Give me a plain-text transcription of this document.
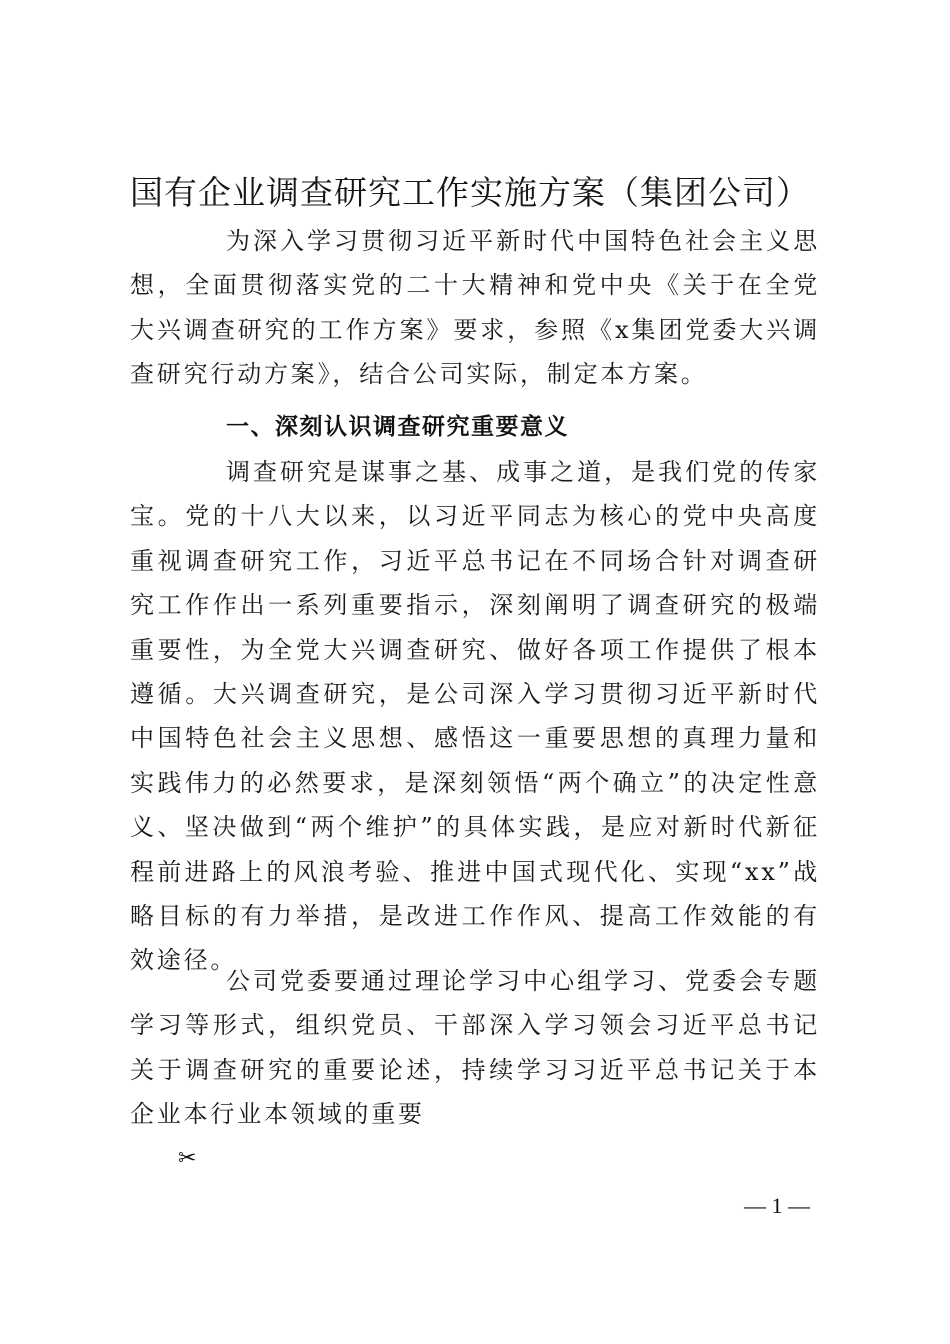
国有企业调查研究工作实施方案（集团公司）

为深入学习贯彻习近平新时代中国特色社会主义思想，全面贯彻落实党的二十大精神和党中央《关于在全党大兴调查研究的工作方案》要求，参照《x集团党委大兴调查研究行动方案》，结合公司实际，制定本方案。

一、深刻认识调查研究重要意义

调查研究是谋事之基、成事之道，是我们党的传家宝。党的十八大以来，以习近平同志为核心的党中央高度重视调查研究工作，习近平总书记在不同场合针对调查研究工作作出一系列重要指示，深刻阐明了调查研究的极端重要性，为全党大兴调查研究、做好各项工作提供了根本遵循。大兴调查研究，是公司深入学习贯彻习近平新时代中国特色社会主义思想、感悟这一重要思想的真理力量和实践伟力的必然要求，是深刻领悟“两个确立”的决定性意义、坚决做到“两个维护”的具体实践，是应对新时代新征程前进路上的风浪考验、推进中国式现代化、实现“xx”战略目标的有力举措，是改进工作作风、提高工作效能的有效途径。

公司党委要通过理论学习中心组学习、党委会专题学习等形式，组织党员、干部深入学习领会习近平总书记关于调查研究的重要论述，持续学习习近平总书记关于本企业本行业本领域的重要

✂
— 1 —
